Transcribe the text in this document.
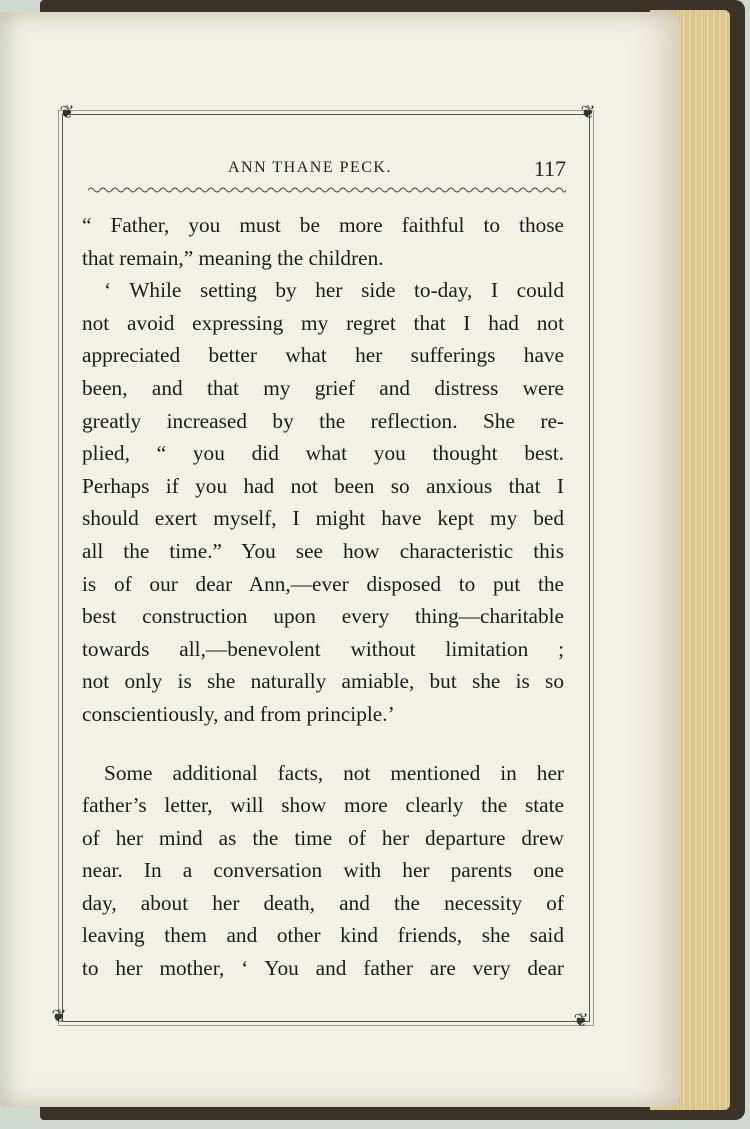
❦	❦
❦	❦
ANN THANE PECK.	117
“ Father, you must be more faithful to those
that remain,” meaning the children.
‘ While setting by her side to-day, I could
not avoid expressing my regret that I had not
appreciated better what her sufferings have
been, and that my grief and distress were
greatly increased by the reflection. She re-
plied, “ you did what you thought best.
Perhaps if you had not been so anxious that I
should exert myself, I might have kept my bed
all the time.” You see how characteristic this
is of our dear Ann,—ever disposed to put the
best construction upon every thing—charitable
towards all,—benevolent without limitation ;
not only is she naturally amiable, but she is so
conscientiously, and from principle.’
Some additional facts, not mentioned in her
father’s letter, will show more clearly the state
of her mind as the time of her departure drew
near. In a conversation with her parents one
day, about her death, and the necessity of
leaving them and other kind friends, she said
to her mother, ‘ You and father are very dear
